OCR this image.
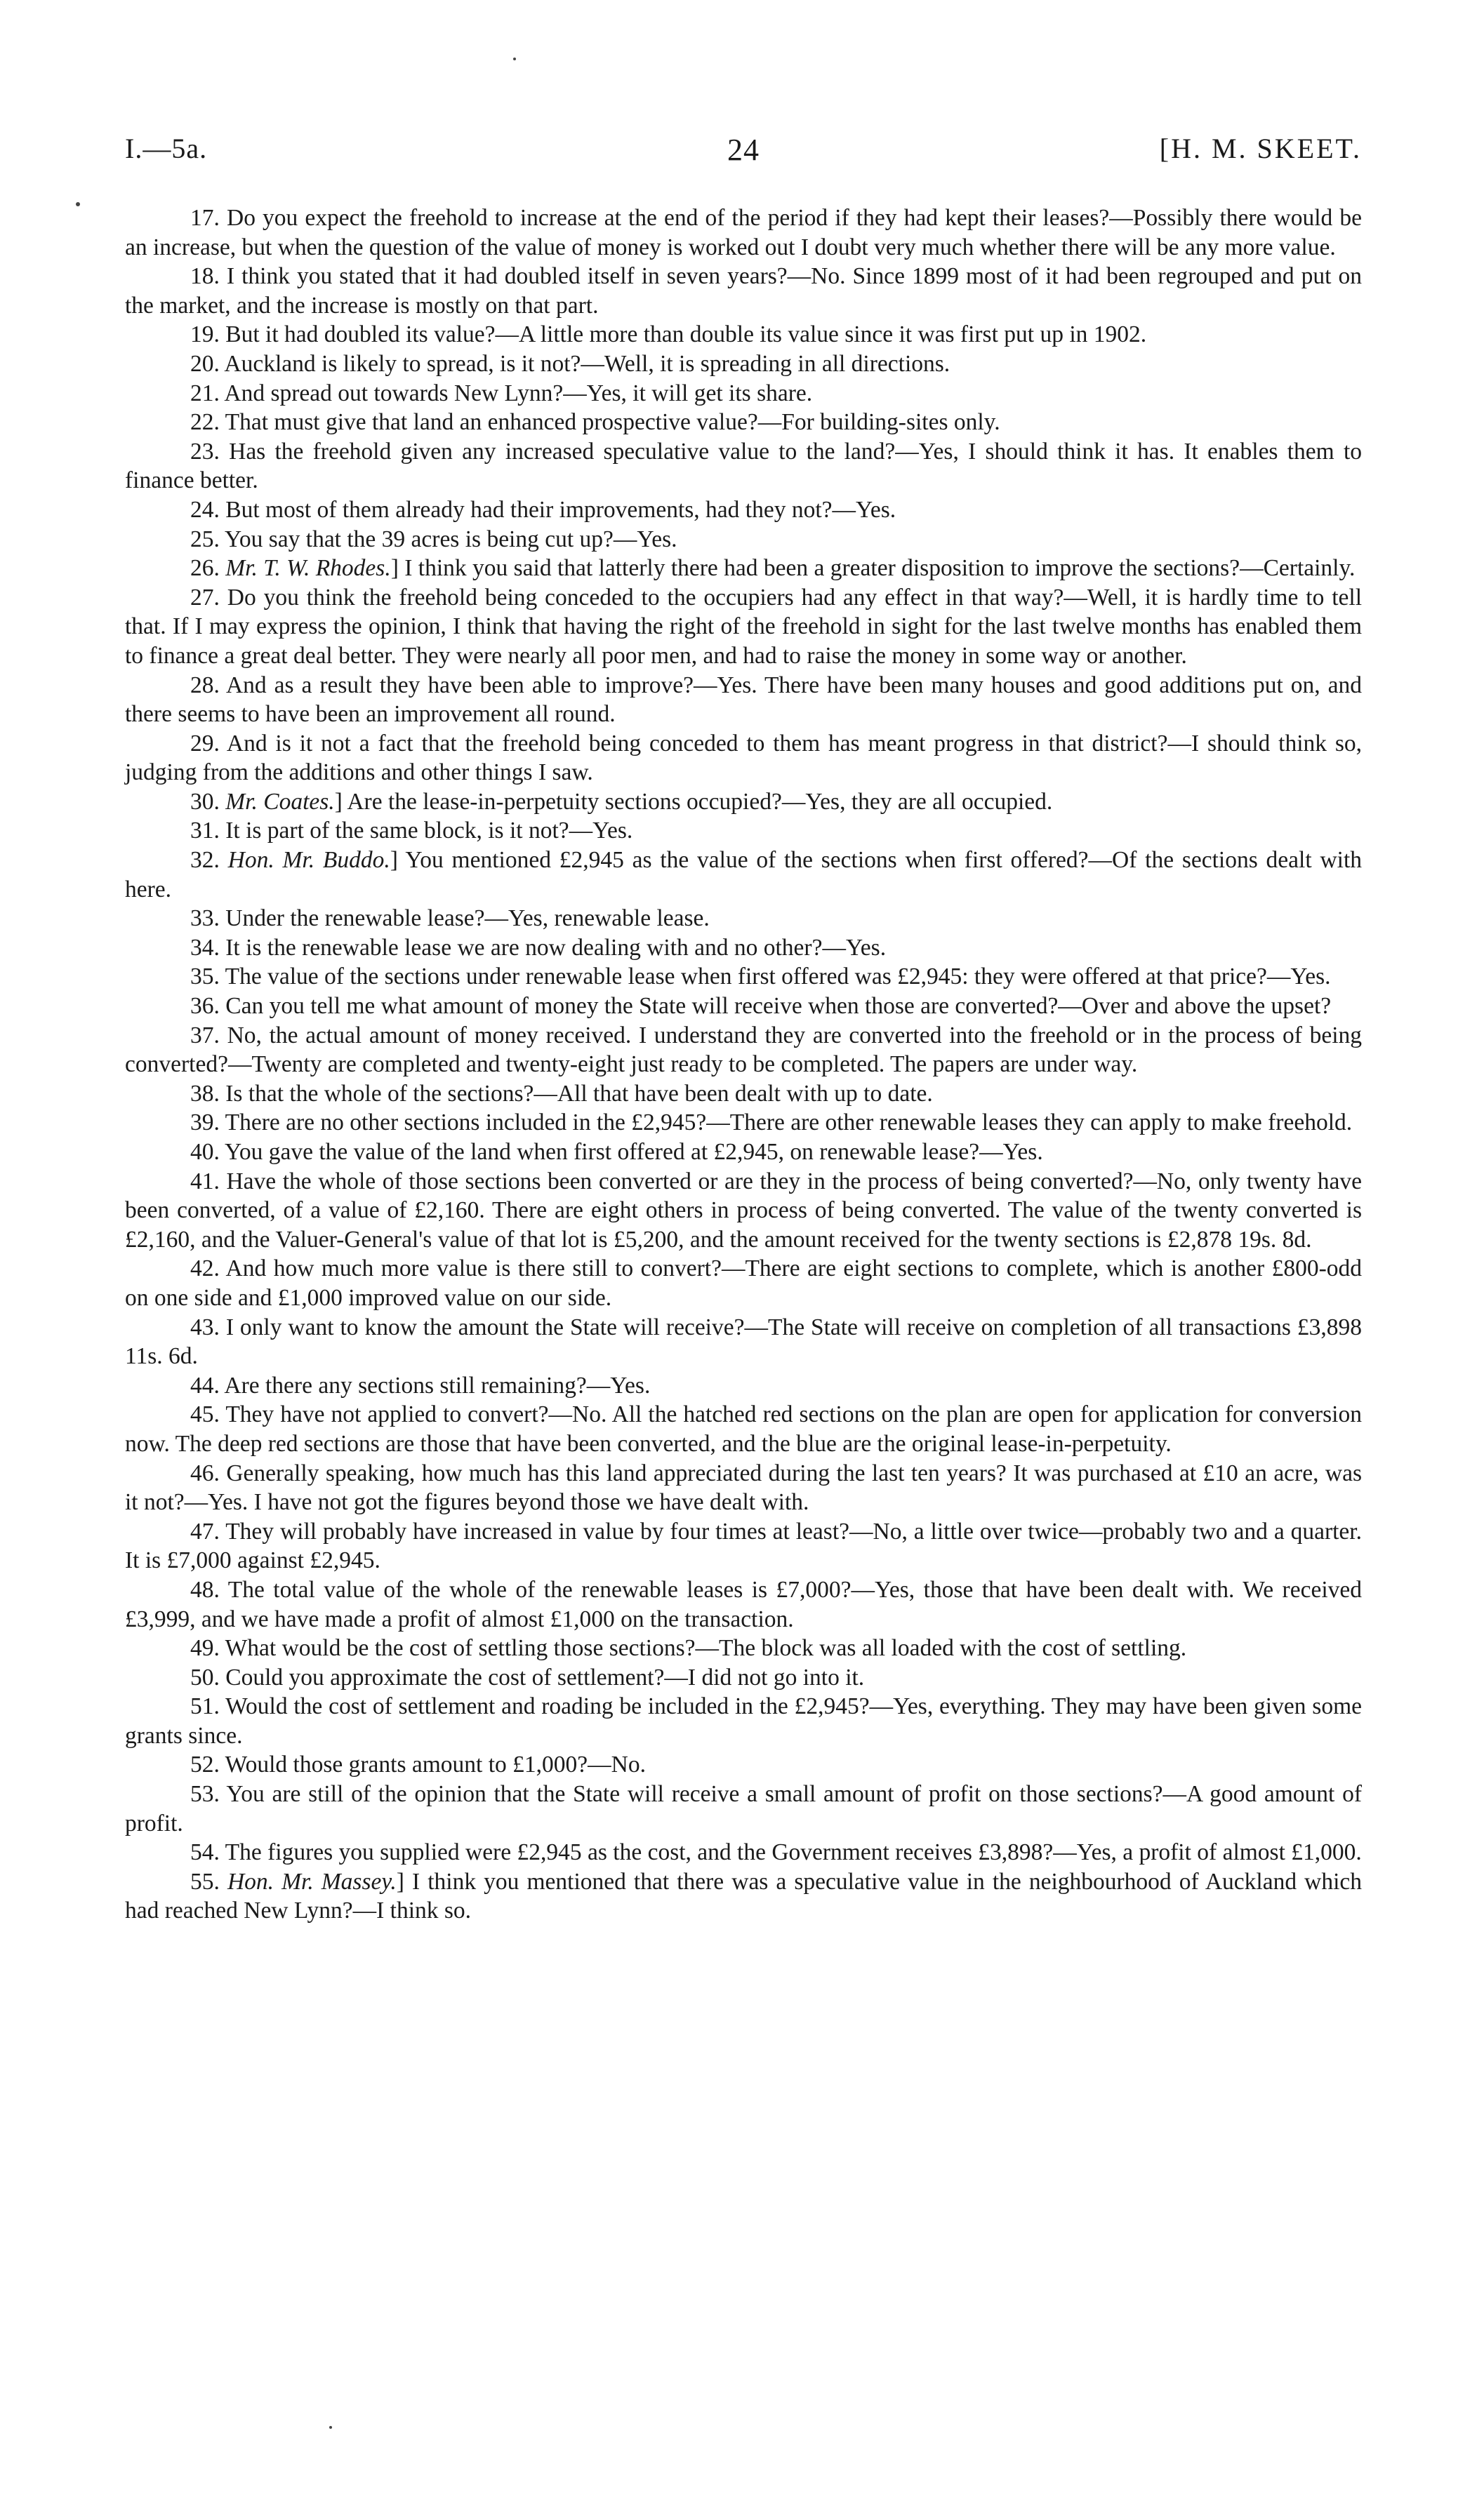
I.—5a.	24	[H. M. SKEET.

17. Do you expect the freehold to increase at the end of the period if they had kept their leases?—Possibly there would be an increase, but when the question of the value of money is worked out I doubt very much whether there will be any more value.

18. I think you stated that it had doubled itself in seven years?—No. Since 1899 most of it had been regrouped and put on the market, and the increase is mostly on that part.

19. But it had doubled its value?—A little more than double its value since it was first put up in 1902.

20. Auckland is likely to spread, is it not?—Well, it is spreading in all directions.

21. And spread out towards New Lynn?—Yes, it will get its share.

22. That must give that land an enhanced prospective value?—For building-sites only.

23. Has the freehold given any increased speculative value to the land?—Yes, I should think it has. It enables them to finance better.

24. But most of them already had their improvements, had they not?—Yes.

25. You say that the 39 acres is being cut up?—Yes.

26. Mr. T. W. Rhodes.] I think you said that latterly there had been a greater disposition to improve the sections?—Certainly.

27. Do you think the freehold being conceded to the occupiers had any effect in that way?—Well, it is hardly time to tell that. If I may express the opinion, I think that having the right of the freehold in sight for the last twelve months has enabled them to finance a great deal better. They were nearly all poor men, and had to raise the money in some way or another.

28. And as a result they have been able to improve?—Yes. There have been many houses and good additions put on, and there seems to have been an improvement all round.

29. And is it not a fact that the freehold being conceded to them has meant progress in that district?—I should think so, judging from the additions and other things I saw.

30. Mr. Coates.] Are the lease-in-perpetuity sections occupied?—Yes, they are all occupied.

31. It is part of the same block, is it not?—Yes.

32. Hon. Mr. Buddo.] You mentioned £2,945 as the value of the sections when first offered?—Of the sections dealt with here.

33. Under the renewable lease?—Yes, renewable lease.

34. It is the renewable lease we are now dealing with and no other?—Yes.

35. The value of the sections under renewable lease when first offered was £2,945: they were offered at that price?—Yes.

36. Can you tell me what amount of money the State will receive when those are converted?—Over and above the upset?

37. No, the actual amount of money received. I understand they are converted into the freehold or in the process of being converted?—Twenty are completed and twenty-eight just ready to be completed. The papers are under way.

38. Is that the whole of the sections?—All that have been dealt with up to date.

39. There are no other sections included in the £2,945?—There are other renewable leases they can apply to make freehold.

40. You gave the value of the land when first offered at £2,945, on renewable lease?—Yes.

41. Have the whole of those sections been converted or are they in the process of being converted?—No, only twenty have been converted, of a value of £2,160. There are eight others in process of being converted. The value of the twenty converted is £2,160, and the Valuer-General's value of that lot is £5,200, and the amount received for the twenty sections is £2,878 19s. 8d.

42. And how much more value is there still to convert?—There are eight sections to complete, which is another £800-odd on one side and £1,000 improved value on our side.

43. I only want to know the amount the State will receive?—The State will receive on completion of all transactions £3,898 11s. 6d.

44. Are there any sections still remaining?—Yes.

45. They have not applied to convert?—No. All the hatched red sections on the plan are open for application for conversion now. The deep red sections are those that have been converted, and the blue are the original lease-in-perpetuity.

46. Generally speaking, how much has this land appreciated during the last ten years? It was purchased at £10 an acre, was it not?—Yes. I have not got the figures beyond those we have dealt with.

47. They will probably have increased in value by four times at least?—No, a little over twice—probably two and a quarter. It is £7,000 against £2,945.

48. The total value of the whole of the renewable leases is £7,000?—Yes, those that have been dealt with. We received £3,999, and we have made a profit of almost £1,000 on the transaction.

49. What would be the cost of settling those sections?—The block was all loaded with the cost of settling.

50. Could you approximate the cost of settlement?—I did not go into it.

51. Would the cost of settlement and roading be included in the £2,945?—Yes, everything. They may have been given some grants since.

52. Would those grants amount to £1,000?—No.

53. You are still of the opinion that the State will receive a small amount of profit on those sections?—A good amount of profit.

54. The figures you supplied were £2,945 as the cost, and the Government receives £3,898?—Yes, a profit of almost £1,000.

55. Hon. Mr. Massey.] I think you mentioned that there was a speculative value in the neighbourhood of Auckland which had reached New Lynn?—I think so.
